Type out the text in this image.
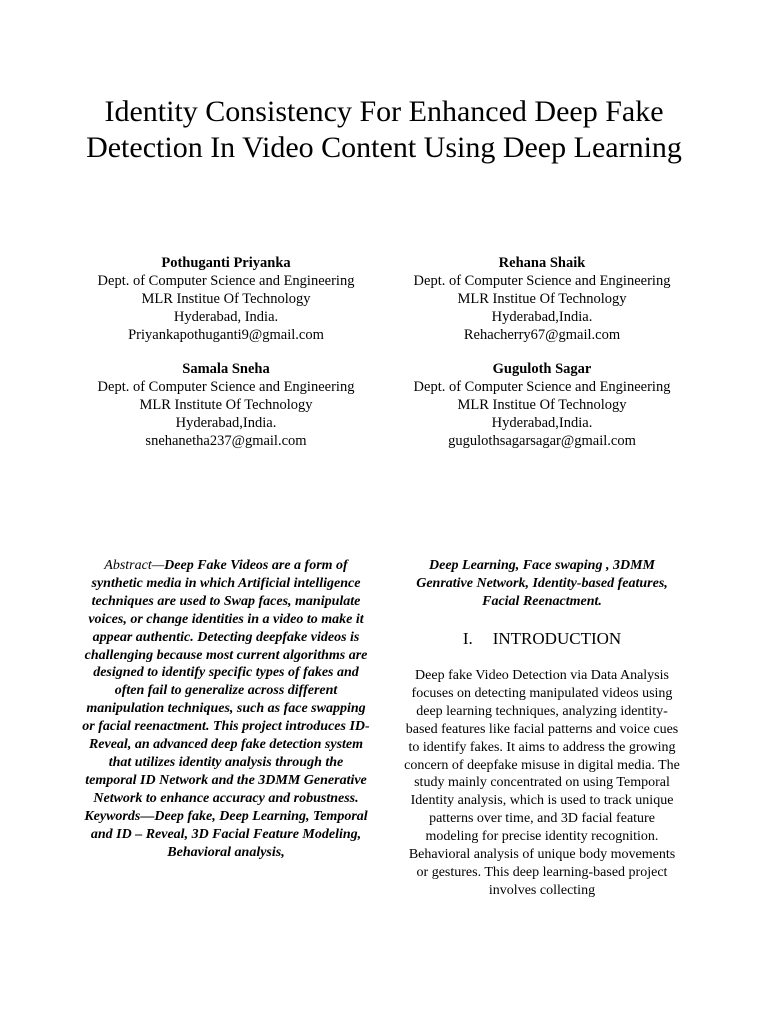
Identity Consistency For Enhanced Deep Fake Detection In Video Content Using Deep Learning
Pothuganti Priyanka
Dept. of Computer Science and Engineering
MLR Institue Of Technology
Hyderabad, India.
Priyankapothuganti9@gmail.com
Rehana Shaik
Dept. of Computer Science and Engineering
MLR Institue Of Technology
Hyderabad,India.
Rehacherry67@gmail.com
Samala Sneha
Dept. of Computer Science and Engineering
MLR Institute Of Technology
Hyderabad,India.
snehanetha237@gmail.com
Guguloth Sagar
Dept. of Computer Science and Engineering
MLR Institue Of Technology
Hyderabad,India.
gugulothsagarsagar@gmail.com

Abstract—Deep Fake Videos are a form of synthetic media in which Artificial intelligence techniques are used to Swap faces, manipulate voices, or change identities in a video to make it appear authentic. Detecting deepfake videos is challenging because most current algorithms are designed to identify specific types of fakes and often fail to generalize across different manipulation techniques, such as face swapping or facial reenactment. This project introduces ID-Reveal, an advanced deep fake detection system that utilizes identity analysis through the temporal ID Network and the 3DMM Generative Network to enhance accuracy and robustness.

Keywords—Deep fake, Deep Learning, Temporal and ID – Reveal, 3D Facial Feature Modeling, Behavioral analysis,

Deep Learning, Face swaping , 3DMM Genrative Network, Identity-based features, Facial Reenactment.

I. INTRODUCTION

Deep fake Video Detection via Data Analysis focuses on detecting manipulated videos using deep learning techniques, analyzing identity-based features like facial patterns and voice cues to identify fakes. It aims to address the growing concern of deepfake misuse in digital media. The study mainly concentrated on using Temporal Identity analysis, which is used to track unique patterns over time, and 3D facial feature modeling for precise identity recognition. Behavioral analysis of unique body movements or gestures. This deep learning-based project involves collecting
